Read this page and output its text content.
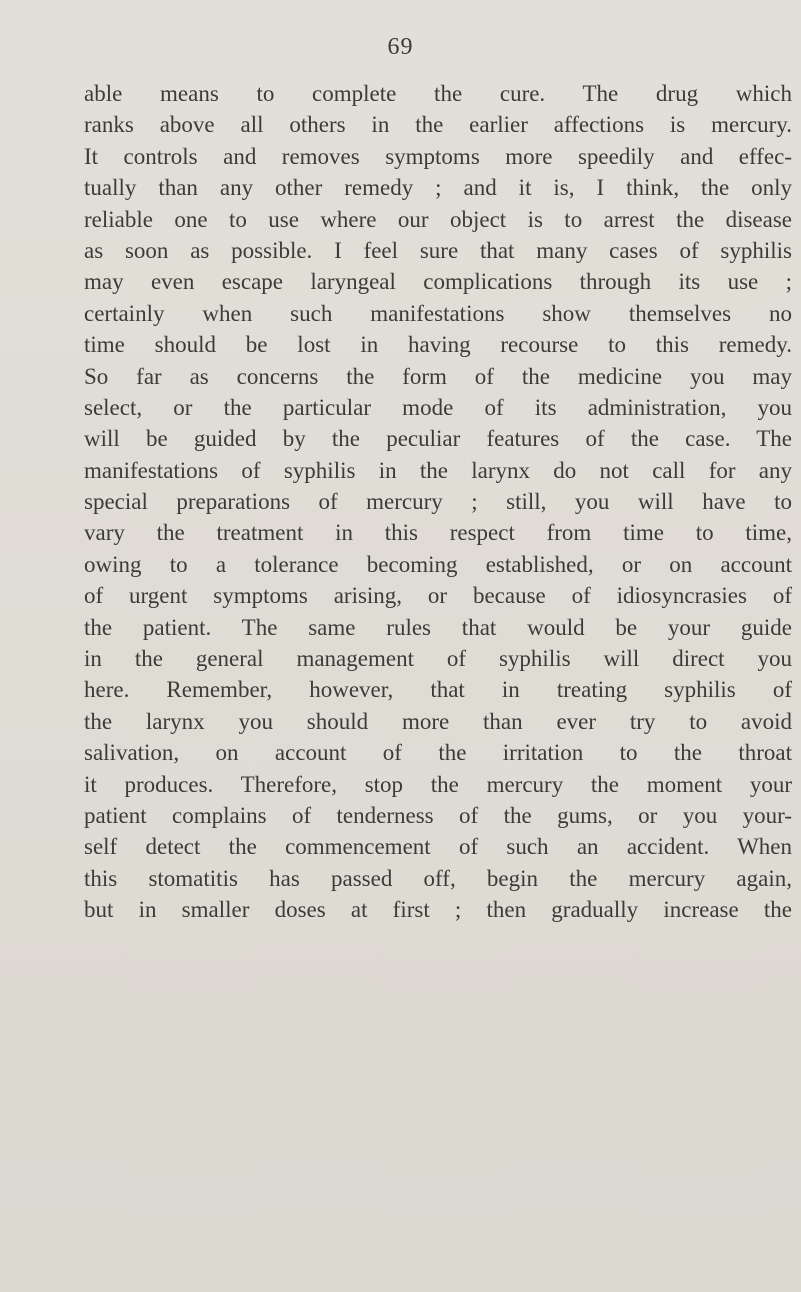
69
able means to complete the cure. The drug which
ranks above all others in the earlier affections is mercury.
It controls and removes symptoms more speedily and effec-
tually than any other remedy ; and it is, I think, the only
reliable one to use where our object is to arrest the disease
as soon as possible. I feel sure that many cases of syphilis
may even escape laryngeal complications through its use ;
certainly when such manifestations show themselves no
time should be lost in having recourse to this remedy.
So far as concerns the form of the medicine you may
select, or the particular mode of its administration, you
will be guided by the peculiar features of the case. The
manifestations of syphilis in the larynx do not call for any
special preparations of mercury ; still, you will have to
vary the treatment in this respect from time to time,
owing to a tolerance becoming established, or on account
of urgent symptoms arising, or because of idiosyncrasies of
the patient. The same rules that would be your guide
in the general management of syphilis will direct you
here. Remember, however, that in treating syphilis of
the larynx you should more than ever try to avoid
salivation, on account of the irritation to the throat
it produces. Therefore, stop the mercury the moment your
patient complains of tenderness of the gums, or you your-
self detect the commencement of such an accident. When
this stomatitis has passed off, begin the mercury again,
but in smaller doses at first ; then gradually increase the
